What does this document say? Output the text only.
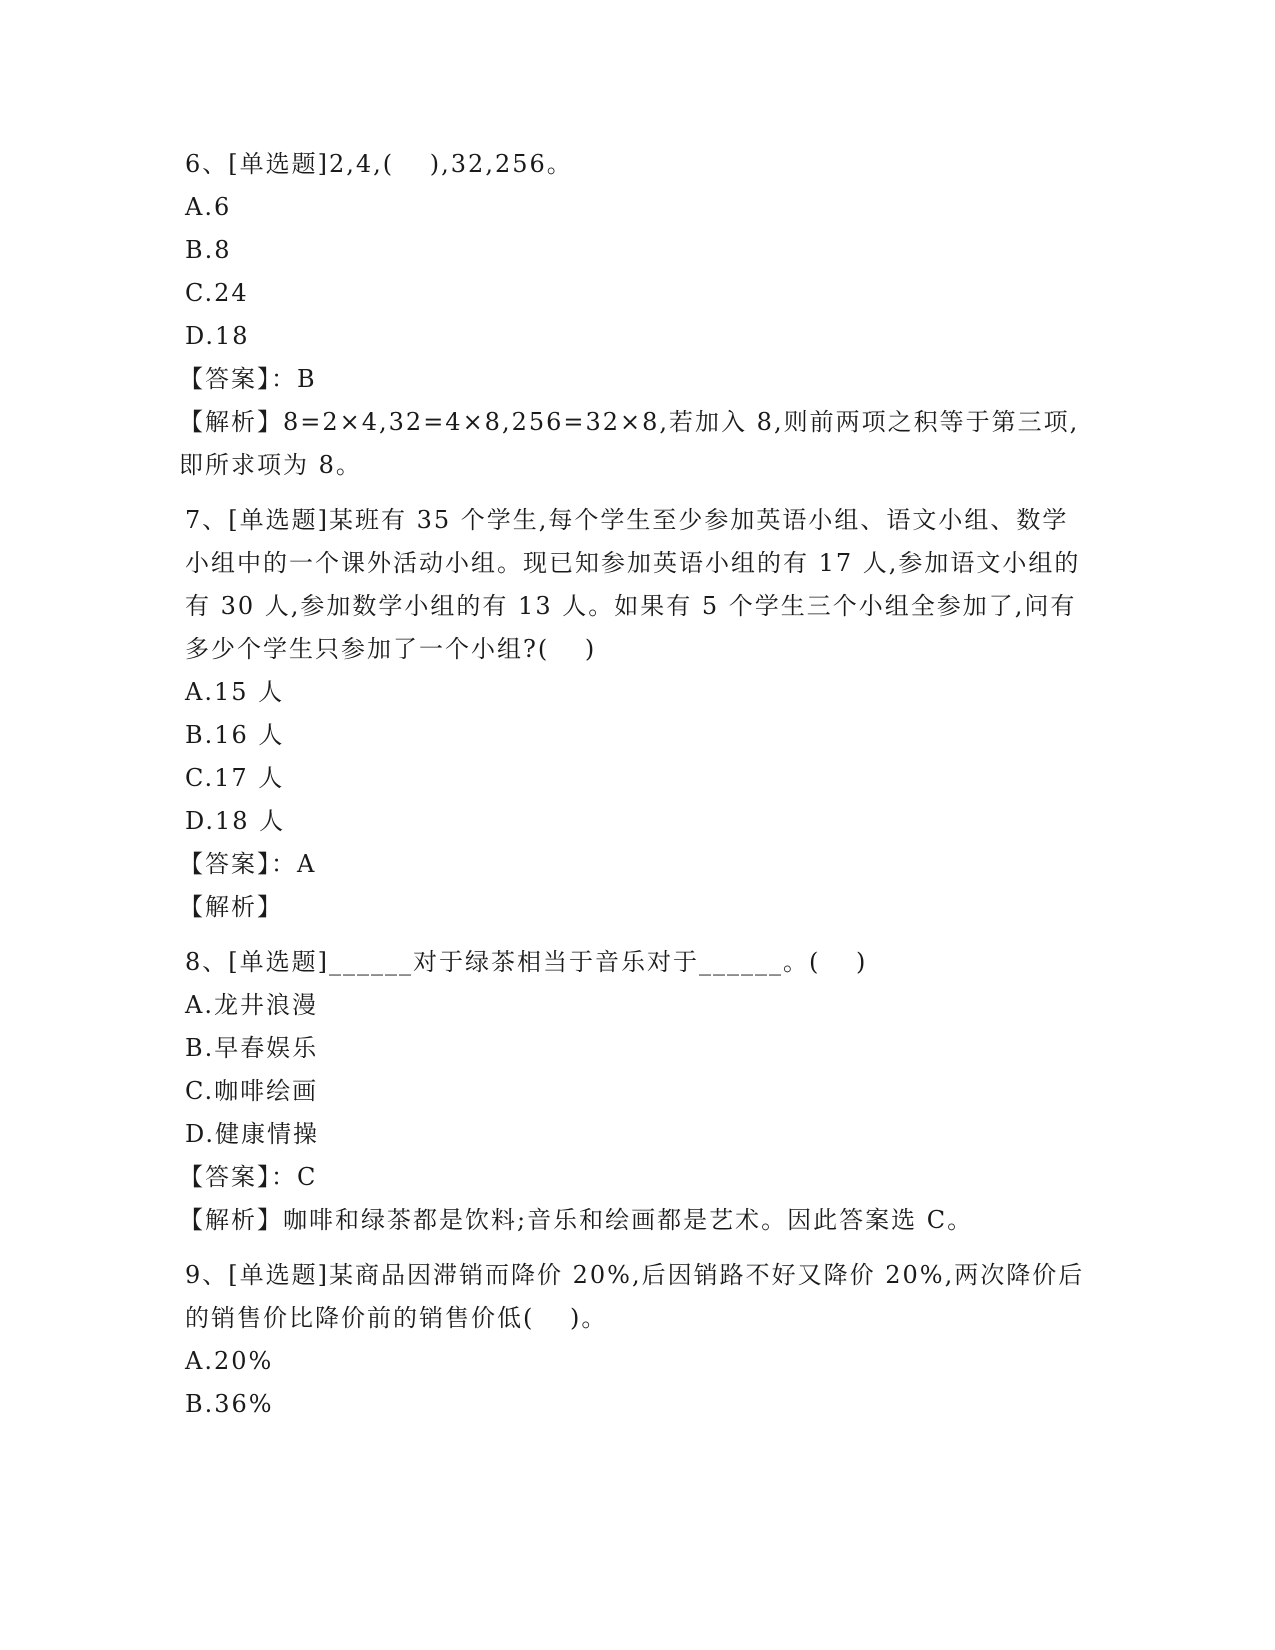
6、[单选题]2,4,(　 ),32,256。
A.6
B.8
C.24
D.18
【答案】：B
【解析】8=2×4,32=4×8,256=32×8,若加入 8,则前两项之积等于第三项,即所求项为 8。
7、[单选题]某班有 35 个学生,每个学生至少参加英语小组、语文小组、数学小组中的一个课外活动小组。现已知参加英语小组的有 17 人,参加语文小组的有 30 人,参加数学小组的有 13 人。如果有 5 个学生三个小组全参加了,问有多少个学生只参加了一个小组?(　 )
A.15 人
B.16 人
C.17 人
D.18 人
【答案】：A
【解析】
8、[单选题]______对于绿茶相当于音乐对于______。(　 )
A.龙井浪漫
B.早春娱乐
C.咖啡绘画
D.健康情操
【答案】：C
【解析】咖啡和绿茶都是饮料;音乐和绘画都是艺术。因此答案选 C。
9、[单选题]某商品因滞销而降价 20%,后因销路不好又降价 20%,两次降价后的销售价比降价前的销售价低(　 )。
A.20%
B.36%
